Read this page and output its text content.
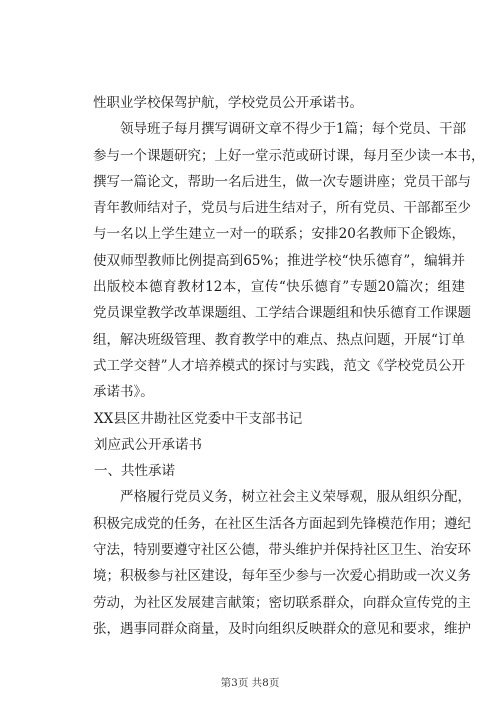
性职业学校保驾护航，学校党员公开承诺书。
领导班子每月撰写调研文章不得少于1篇；每个党员、干部
参与一个课题研究；上好一堂示范或研讨课，每月至少读一本书，
撰写一篇论文，帮助一名后进生，做一次专题讲座；党员干部与
青年教师结对子，党员与后进生结对子，所有党员、干部都至少
与一名以上学生建立一对一的联系；安排20名教师下企锻炼，
使双师型教师比例提高到65%；推进学校“快乐德育”，编辑并
出版校本德育教材12本，宣传“快乐德育”专题20篇次；组建
党员课堂教学改革课题组、工学结合课题组和快乐德育工作课题
组，解决班级管理、教育教学中的难点、热点问题，开展“订单
式工学交替”人才培养模式的探讨与实践，范文《学校党员公开
承诺书》。
XX县区井勘社区党委中干支部书记
刘应武公开承诺书
一、共性承诺
严格履行党员义务，树立社会主义荣辱观，服从组织分配，
积极完成党的任务，在社区生活各方面起到先锋模范作用；遵纪
守法，特别要遵守社区公德，带头维护并保持社区卫生、治安环
境；积极参与社区建设，每年至少参与一次爱心捐助或一次义务
劳动，为社区发展建言献策；密切联系群众，向群众宣传党的主
张，遇事同群众商量，及时向组织反映群众的意见和要求，维护
第3页 共8页
